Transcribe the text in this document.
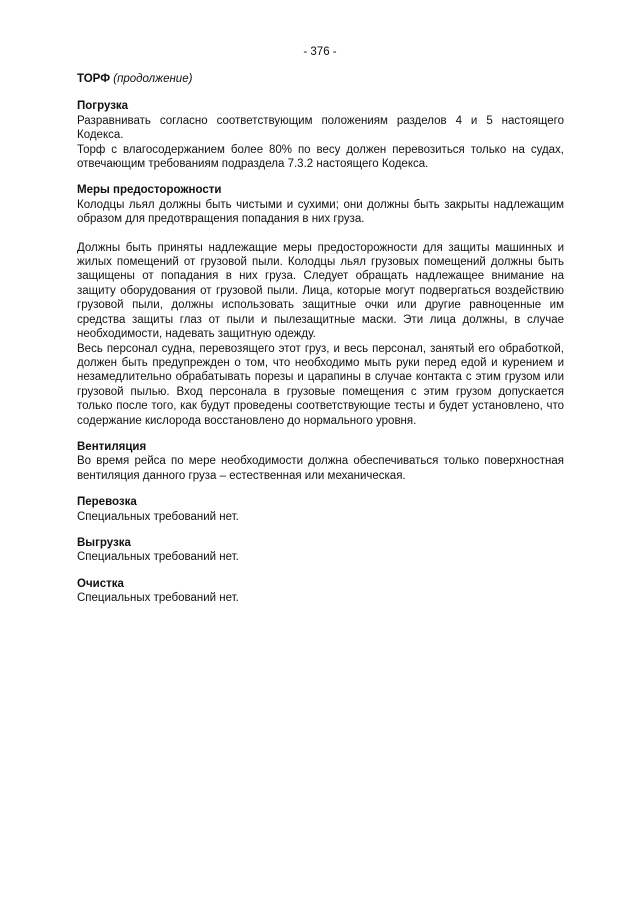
- 376 -
ТОРФ (продолжение)
Погрузка

Разравнивать согласно соответствующим положениям разделов 4 и 5 настоящего Кодекса.

Торф с влагосодержанием более 80% по весу должен перевозиться только на судах, отвечающим требованиям подраздела 7.3.2 настоящего Кодекса.

Меры предосторожности

Колодцы льял должны быть чистыми и сухими; они должны быть закрыты надлежащим образом для предотвращения попадания в них груза.

Должны быть приняты надлежащие меры предосторожности для защиты машинных и жилых помещений от грузовой пыли. Колодцы льял грузовых помещений должны быть защищены от попадания в них груза. Следует обращать надлежащее внимание на защиту оборудования от грузовой пыли. Лица, которые могут подвергаться воздействию грузовой пыли, должны использовать защитные очки или другие равноценные им средства защиты глаз от пыли и пылезащитные маски. Эти лица должны, в случае необходимости, надевать защитную одежду.

Весь персонал судна, перевозящего этот груз, и весь персонал, занятый его обработкой, должен быть предупрежден о том, что необходимо мыть руки перед едой и курением и незамедлительно обрабатывать порезы и царапины в случае контакта с этим грузом или грузовой пылью. Вход персонала в грузовые помещения с этим грузом допускается только после того, как будут проведены соответствующие тесты и будет установлено, что содержание кислорода восстановлено до нормального уровня.

Вентиляция

Во время рейса по мере необходимости должна обеспечиваться только поверхностная вентиляция данного груза – естественная или механическая.

Перевозка

Специальных требований нет.

Выгрузка

Специальных требований нет.

Очистка

Специальных требований нет.
